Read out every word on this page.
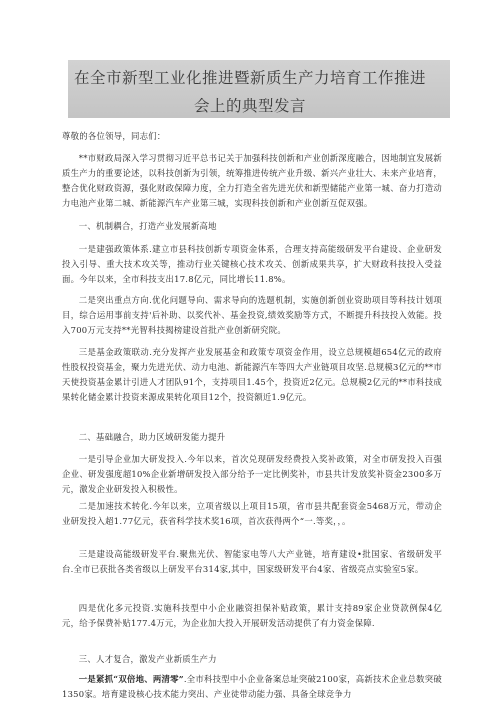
在全市新型工业化推进暨新质生产力培育工作推进
会上的典型发言

尊敬的各位领导，同志们：

**市财政局深入学习贯彻习近平总书记关于加强科技创新和产业创新深度融合，因地制宜发展新质生产力的重要论述，以科技创新为引领，统筹推进传统产业升级、新兴产业壮大、未来产业培育，整合优化财政资源，强化财政保障力度，全力打造全省先进光伏和新型储能产业第一城、奋力打造动力电池产业第二城、新能源汽车产业第三城，实现科技创新和产业创新互促双强。

一、机制耦合，打造产业发展新高地

一是建强政策体系.建立市县科技创新专项资金体系，合理支持高能级研发平台建设、企业研发投入引导、重大技术攻关等，推动行业关键核心技术攻关、创新成果共享，扩大财政科技投入受益面。今年以来，全市科技支出17.8亿元，同比增长11.8%。

二是突出重点方向.优化问题导向、需求导向的选题机制，实施创新创业资助项目等科技计划项目，综合运用事前支持'后补助、以奖代补、基金投资,绩效奖励等方式，不断提升科技投入效能。投入700万元支持**光智科技揭榜建设首批产业创新研究院。

三是基金政策联动.充分发挥产业发展基金和政策专项资金作用，设立总规模超654亿元的政府性股权投资基金，聚力先进光伏、动力电池、新能源汽车等四大产业链项目攻坚.总规模3亿元的**市天使投资基金累计引进人才团队91个，支持项目1.45个，投资近2亿元。总规模2亿元的**市科技成果转化储金累计投资来源成果转化项目12个，投资额近1.9亿元。

二、基础融合，助力区域研发能力提升

一是引导企业加大研发投入.今年以来，首次兑现研发经费投入奖补政策，对全市研发投入百强企业、研发强度超10%企业新增研发投入部分给予一定比例奖补，市县共计发放奖补资金2300多万元，激发企业研发投入积极性。

二是加速技术转化.今年以来，立项省级以上项目15项，省市县共配套资金5468万元，带动企业研发投入超1.77亿元，获省科学技术奖16项，首次获得两个“一.等奖，，。

三是建设高能级研发平台.聚焦光伏、智能家电等八大产业链，培育建设•批国家、省级研发平台.全市已获批各类省级以上研发平台314家,其中，国家级研发平台4家、省级亮点实验室5家。

四是优化多元投资.实施科技型中小企业融资担保补贴政策，累计支持89家企业贷款例保4亿元，给予保费补贴177.4万元，为企业加大投入开展研发活动提供了有力资金保障.

三、人才复合，激发产业新质生产力

一是紧抓“双倍地、两清零”.全市科技型中小企业备案总址突破2100家，高新技术企业总数突破1350家。培育建设核心技术能力突出、产业徒带动能力强、具备全球竞争力
